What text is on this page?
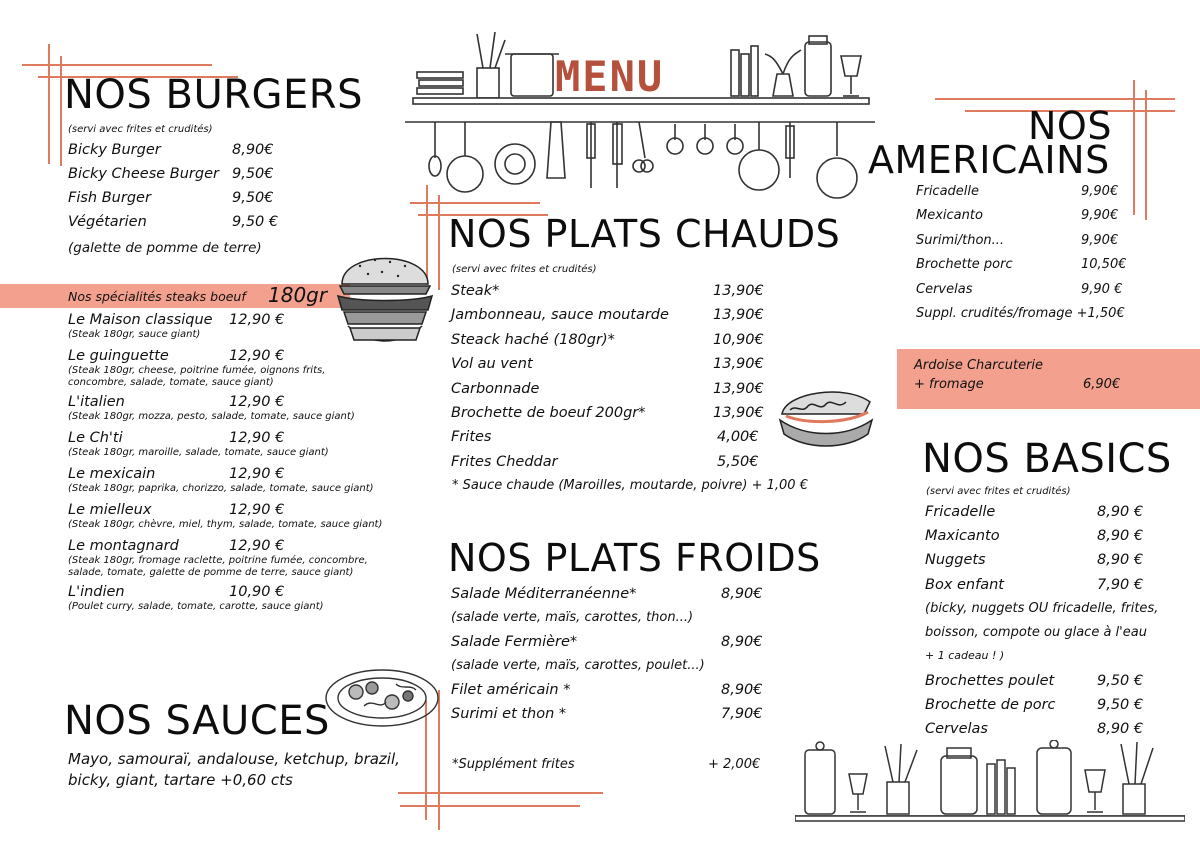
MENU
NOS BURGERS
(servi avec frites et crudités)
Bicky Burger	8,90€
Bicky Cheese Burger 9,50€
Fish Burger	9,50€
Végétarien	9,50 €
(galette de pomme de terre)
Nos spécialités steaks boeuf 180gr
Le Maison classique 12,90 €
(Steak 180gr, sauce giant)
Le guinguette	12,90 €
(Steak 180gr, cheese, poitrine fumée, oignons frits, concombre, salade, tomate, sauce giant)
L'italien	12,90 €
(Steak 180gr, mozza, pesto, salade, tomate, sauce giant)
Le Ch'ti	12,90 €
(Steak 180gr, maroille, salade, tomate, sauce giant)
Le mexicain	12,90 €
(Steak 180gr, paprika, chorizzo, salade, tomate, sauce giant)
Le mielleux	12,90 €
(Steak 180gr, chèvre, miel, thym, salade, tomate, sauce giant)
Le montagnard	12,90 €
(Steak 180gr, fromage raclette, poitrine fumée, concombre, salade, tomate, galette de pomme de terre, sauce giant)
L'indien	10,90 €
(Poulet curry, salade, tomate, carotte, sauce giant)
NOS SAUCES
Mayo, samouraï, andalouse, ketchup, brazil,
bicky, giant, tartare +0,60 cts
NOS PLATS CHAUDS
(servi avec frites et crudités)
Steak*	13,90€
Jambonneau, sauce moutarde	13,90€
Steack haché (180gr)*	10,90€
Vol au vent	13,90€
Carbonnade	13,90€
Brochette de boeuf 200gr*	13,90€
Frites	4,00€
Frites Cheddar	5,50€
* Sauce chaude (Maroilles, moutarde, poivre) + 1,00 €
NOS PLATS FROIDS
Salade Méditerranéenne*	8,90€
(salade verte, maïs, carottes, thon...)
Salade Fermière*	8,90€
(salade verte, maïs, carottes, poulet...)
Filet américain *	8,90€
Surimi et thon *	7,90€
*Supplément frites	+ 2,00€
NOS
AMERICAINS
Fricadelle	9,90€
Mexicanto	9,90€
Surimi/thon...	9,90€
Brochette porc	10,50€
Cervelas	9,90 €
Suppl. crudités/fromage +1,50€
Ardoise Charcuterie
+ fromage	6,90€
NOS BASICS
(servi avec frites et crudités)
Fricadelle	8,90 €
Maxicanto	8,90 €
Nuggets	8,90 €
Box enfant	7,90 €
(bicky, nuggets OU fricadelle, frites,
boisson, compote ou glace à l'eau
+ 1 cadeau ! )
Brochettes poulet	9,50 €
Brochette de porc	9,50 €
Cervelas	8,90 €
